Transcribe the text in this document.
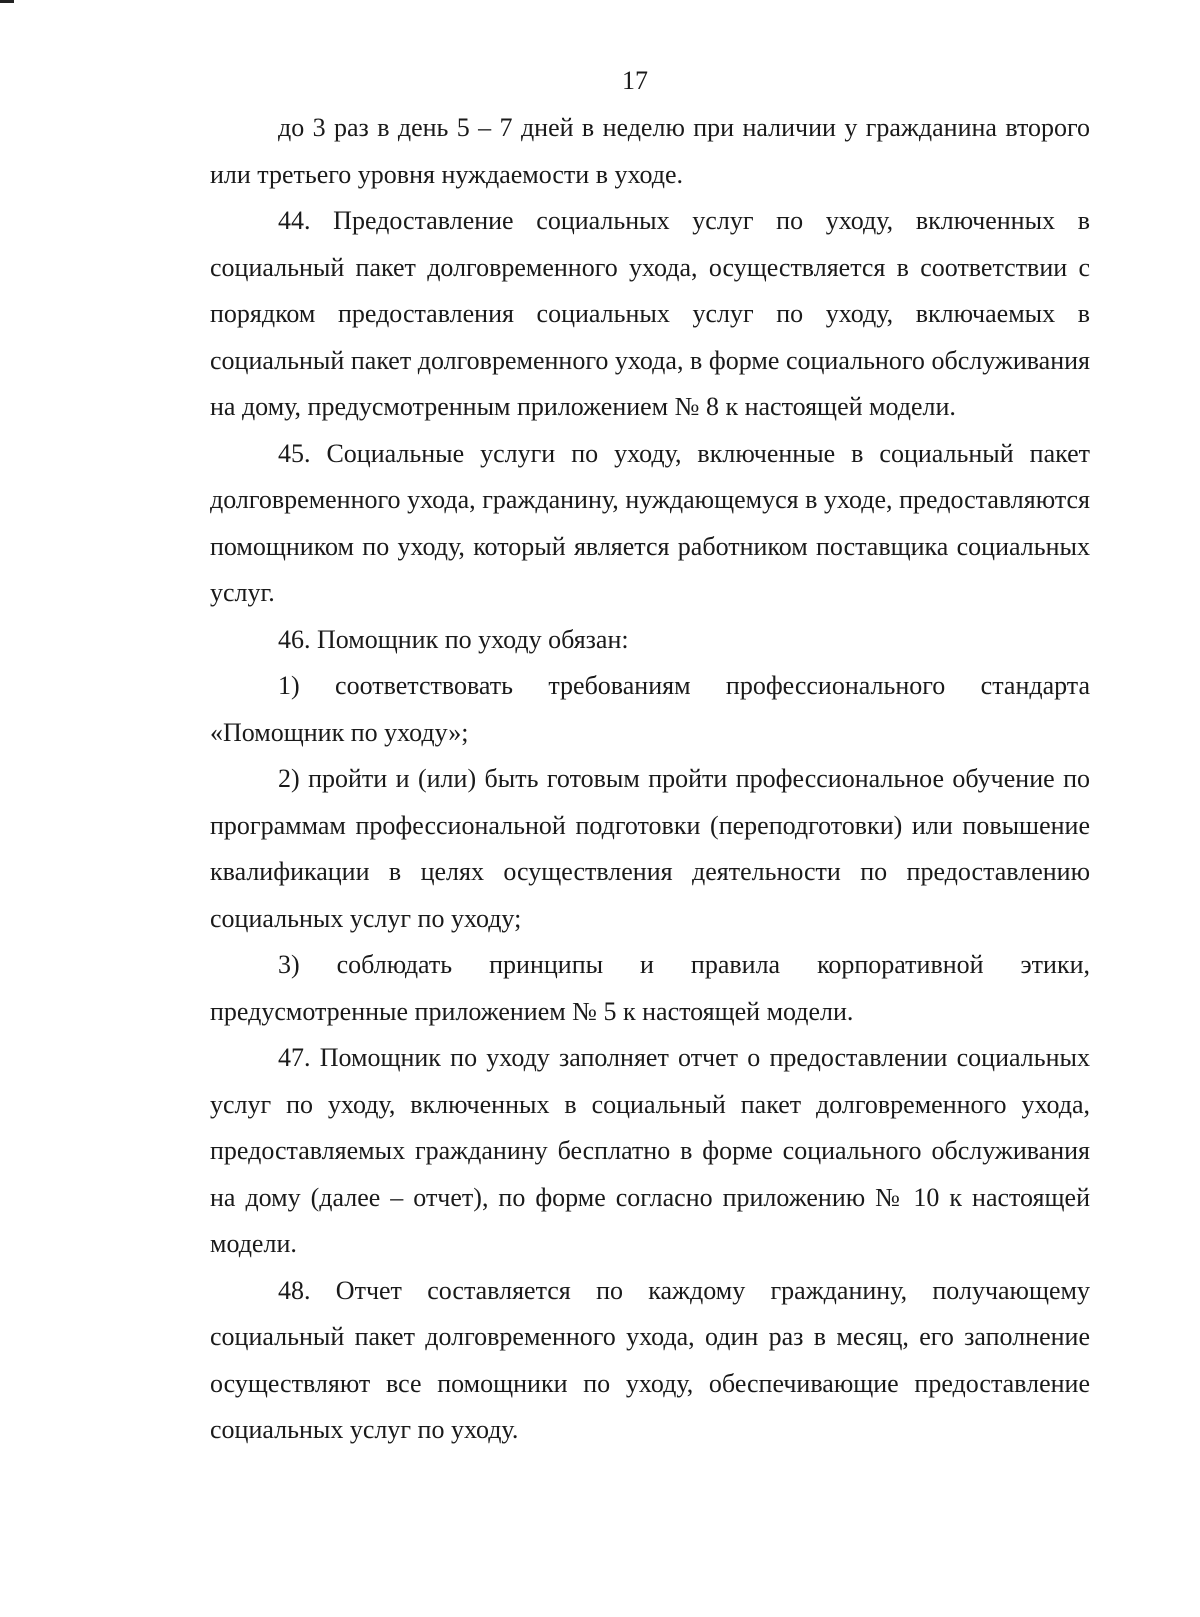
17

до 3 раз в день 5 – 7 дней в неделю при наличии у гражданина второго или третьего уровня нуждаемости в уходе.

44. Предоставление социальных услуг по уходу, включенных в социальный пакет долговременного ухода, осуществляется в соответствии с порядком предоставления социальных услуг по уходу, включаемых в социальный пакет долговременного ухода, в форме социального обслуживания на дому, предусмотренным приложением № 8 к настоящей модели.

45. Социальные услуги по уходу, включенные в социальный пакет долговременного ухода, гражданину, нуждающемуся в уходе, предоставляются помощником по уходу, который является работником поставщика социальных услуг.

46. Помощник по уходу обязан:

1) соответствовать требованиям профессионального стандарта «Помощник по уходу»;

2) пройти и (или) быть готовым пройти профессиональное обучение по программам профессиональной подготовки (переподготовки) или повышение квалификации в целях осуществления деятельности по предоставлению социальных услуг по уходу;

3) соблюдать принципы и правила корпоративной этики, предусмотренные приложением № 5 к настоящей модели.

47. Помощник по уходу заполняет отчет о предоставлении социальных услуг по уходу, включенных в социальный пакет долговременного ухода, предоставляемых гражданину бесплатно в форме социального обслуживания на дому (далее – отчет), по форме согласно приложению № 10 к настоящей модели.

48. Отчет составляется по каждому гражданину, получающему социальный пакет долговременного ухода, один раз в месяц, его заполнение осуществляют все помощники по уходу, обеспечивающие предоставление социальных услуг по уходу.
